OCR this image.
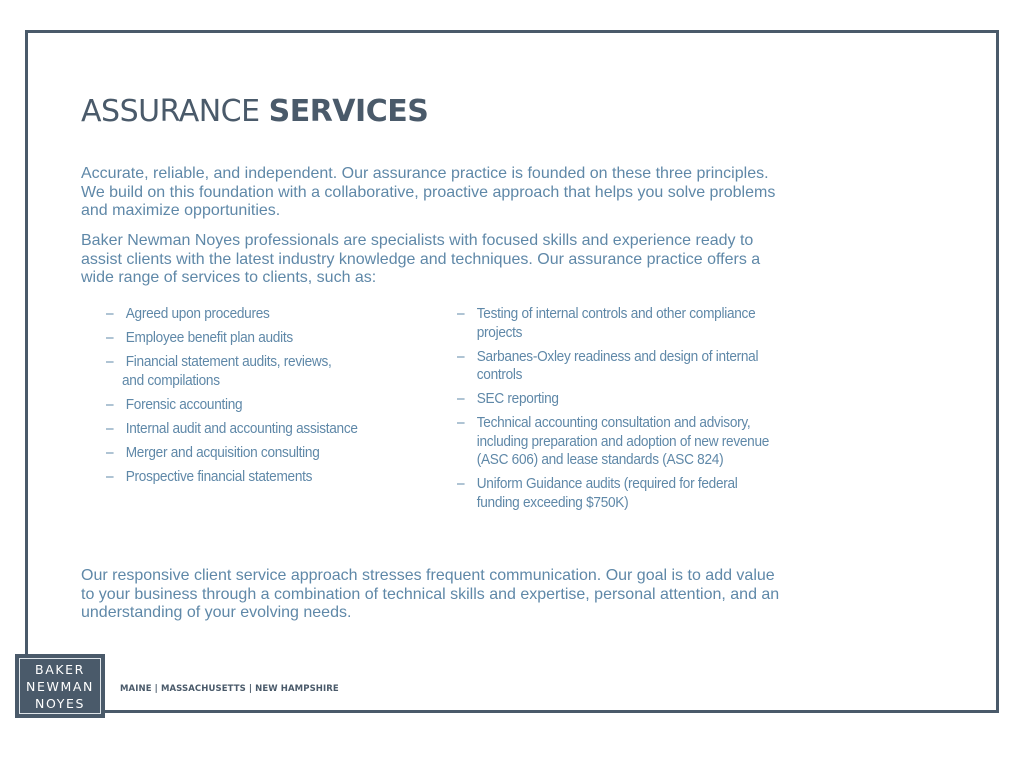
ASSURANCE SERVICES

Accurate, reliable, and independent. Our assurance practice is founded on these three principles. We build on this foundation with a collaborative, proactive approach that helps you solve problems and maximize opportunities.

Baker Newman Noyes professionals are specialists with focused skills and experience ready to assist clients with the latest industry knowledge and techniques. Our assurance practice offers a wide range of services to clients, such as:

– Agreed upon procedures
– Employee benefit plan audits
– Financial statement audits, reviews,
and compilations
– Forensic accounting
– Internal audit and accounting assistance
– Merger and acquisition consulting
– Prospective financial statements
– Testing of internal controls and other compliance projects
– Sarbanes-Oxley readiness and design of internal controls
– SEC reporting
– Technical accounting consultation and advisory, including preparation and adoption of new revenue (ASC 606) and lease standards (ASC 824)
– Uniform Guidance audits (required for federal funding exceeding $750K)

Our responsive client service approach stresses frequent communication. Our goal is to add value to your business through a combination of technical skills and expertise, personal attention, and an understanding of your evolving needs.

BAKER
NEWMAN
NOYES
MAINE | MASSACHUSETTS | NEW HAMPSHIRE
